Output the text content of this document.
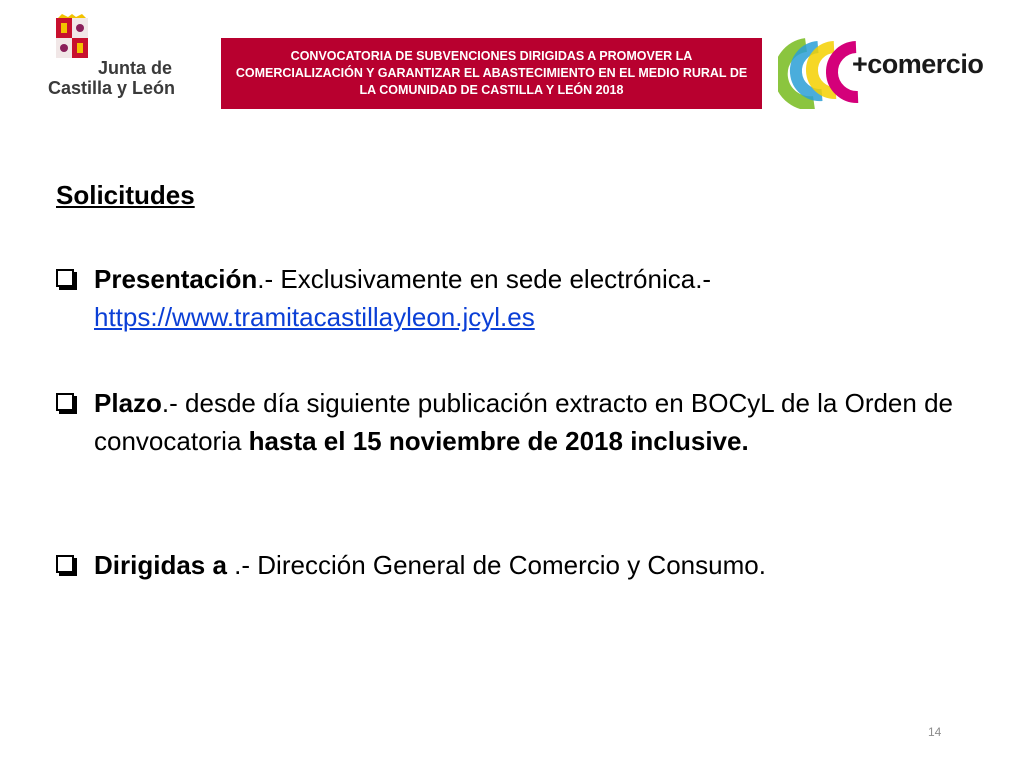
Junta de
Castilla y León
CONVOCATORIA DE SUBVENCIONES DIRIGIDAS A PROMOVER LA COMERCIALIZACIÓN Y GARANTIZAR EL ABASTECIMIENTO EN EL MEDIO RURAL DE LA COMUNIDAD DE CASTILLA Y LEÓN 2018
+comercio
Solicitudes
Presentación.- Exclusivamente en sede electrónica.-
https://www.tramitacastillayleon.jcyl.es
Plazo.- desde día siguiente publicación extracto en BOCyL de la Orden de convocatoria hasta el 15 noviembre de 2018 inclusive.
Dirigidas a .- Dirección General de Comercio y Consumo.
14
